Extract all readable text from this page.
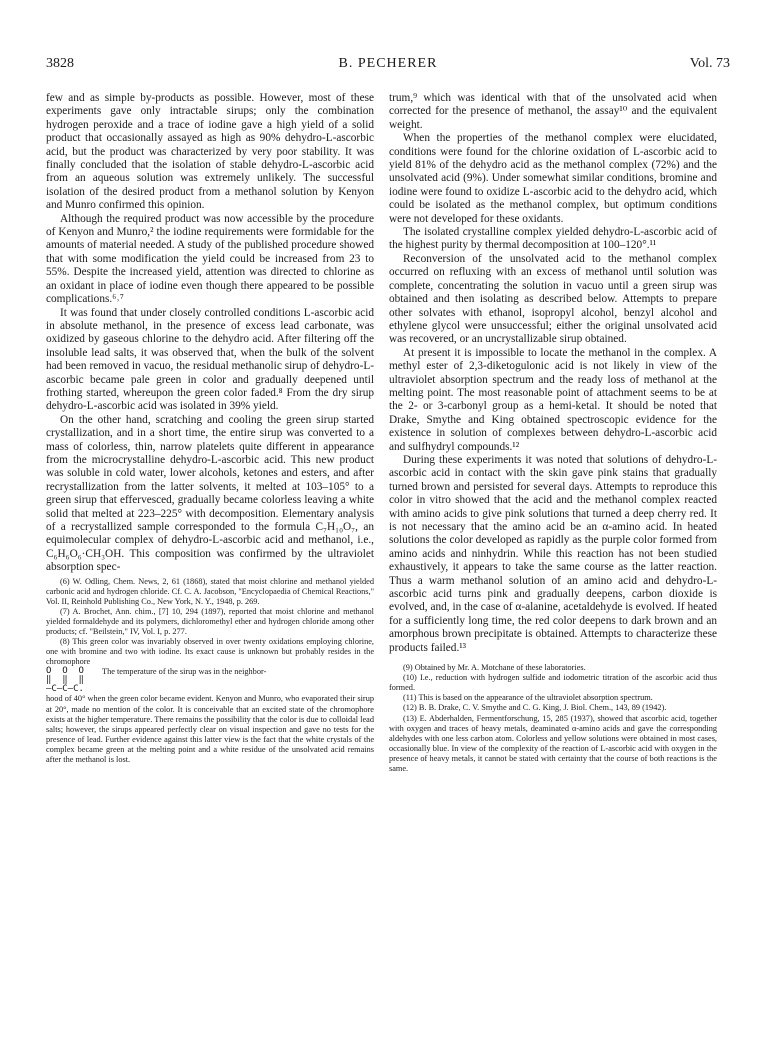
3828	B. PECHERER	Vol. 73

few and as simple by-products as possible. However, most of these experiments gave only intractable sirups; only the combination hydrogen peroxide and a trace of iodine gave a high yield of a solid product that occasionally assayed as high as 90% dehydro-L-ascorbic acid, but the product was characterized by very poor stability. It was finally concluded that the isolation of stable dehydro-L-ascorbic acid from an aqueous solution was extremely unlikely. The successful isolation of the desired product from a methanol solution by Kenyon and Munro confirmed this opinion.

Although the required product was now accessible by the procedure of Kenyon and Munro,² the iodine requirements were formidable for the amounts of material needed. A study of the published procedure showed that with some modification the yield could be increased from 23 to 55%. Despite the increased yield, attention was directed to chlorine as an oxidant in place of iodine even though there appeared to be possible complications.⁶˒⁷

It was found that under closely controlled conditions L-ascorbic acid in absolute methanol, in the presence of excess lead carbonate, was oxidized by gaseous chlorine to the dehydro acid. After filtering off the insoluble lead salts, it was observed that, when the bulk of the solvent had been removed in vacuo, the residual methanolic sirup of dehydro-L-ascorbic became pale green in color and gradually deepened until frothing started, whereupon the green color faded.⁸ From the dry sirup dehydro-L-ascorbic acid was isolated in 39% yield.

On the other hand, scratching and cooling the green sirup started crystallization, and in a short time, the entire sirup was converted to a mass of colorless, thin, narrow platelets quite different in appearance from the microcrystalline dehydro-L-ascorbic acid. This new product was soluble in cold water, lower alcohols, ketones and esters, and after recrystallization from the latter solvents, it melted at 103–105° to a green sirup that effervesced, gradually became colorless leaving a white solid that melted at 223–225° with decomposition. Elementary analysis of a recrystallized sample corresponded to the formula C₇H₁₀O₇, an equimolecular complex of dehydro-L-ascorbic acid and methanol, i.e., C₆H₆O₆·CH₃OH. This composition was confirmed by the ultraviolet absorption spec-

(6) W. Odling, Chem. News, 2, 61 (1868), stated that moist chlorine and methanol yielded carbonic acid and hydrogen chloride. Cf. C. A. Jacobson, "Encyclopaedia of Chemical Reactions," Vol. II, Reinhold Publishing Co., New York, N. Y., 1948, p. 269.

(7) A. Brochet, Ann. chim., [7] 10, 294 (1897), reported that moist chlorine and methanol yielded formaldehyde and its polymers, dichloromethyl ether and hydrogen chloride among other products; cf. "Beilstein," IV, Vol. I, p. 277.

(8) This green color was invariably observed in over twenty oxidations employing chlorine, one with bromine and two with iodine. Its exact cause is unknown but probably resides in the chromophore

O  O  O
‖  ‖  ‖
—C—C—C.

The temperature of the sirup was in the neighbor-

hood of 40° when the green color became evident. Kenyon and Munro, who evaporated their sirup at 20°, made no mention of the color. It is conceivable that an excited state of the chromophore exists at the higher temperature. There remains the possibility that the color is due to colloidal lead salts; however, the sirups appeared perfectly clear on visual inspection and gave no tests for the presence of lead. Further evidence against this latter view is the fact that the white crystals of the complex became green at the melting point and a white residue of the unsolvated acid remains after the methanol is lost.

trum,⁹ which was identical with that of the unsolvated acid when corrected for the presence of methanol, the assay¹⁰ and the equivalent weight.

When the properties of the methanol complex were elucidated, conditions were found for the chlorine oxidation of L-ascorbic acid to yield 81% of the dehydro acid as the methanol complex (72%) and the unsolvated acid (9%). Under somewhat similar conditions, bromine and iodine were found to oxidize L-ascorbic acid to the dehydro acid, which could be isolated as the methanol complex, but optimum conditions were not developed for these oxidants.

The isolated crystalline complex yielded dehydro-L-ascorbic acid of the highest purity by thermal decomposition at 100–120°.¹¹

Reconversion of the unsolvated acid to the methanol complex occurred on refluxing with an excess of methanol until solution was complete, concentrating the solution in vacuo until a green sirup was obtained and then isolating as described below. Attempts to prepare other solvates with ethanol, isopropyl alcohol, benzyl alcohol and ethylene glycol were unsuccessful; either the original unsolvated acid was recovered, or an uncrystallizable sirup obtained.

At present it is impossible to locate the methanol in the complex. A methyl ester of 2,3-diketogulonic acid is not likely in view of the ultraviolet absorption spectrum and the ready loss of methanol at the melting point. The most reasonable point of attachment seems to be at the 2- or 3-carbonyl group as a hemi-ketal. It should be noted that Drake, Smythe and King obtained spectroscopic evidence for the existence in solution of complexes between dehydro-L-ascorbic acid and sulfhydryl compounds.¹²

During these experiments it was noted that solutions of dehydro-L-ascorbic acid in contact with the skin gave pink stains that gradually turned brown and persisted for several days. Attempts to reproduce this color in vitro showed that the acid and the methanol complex reacted with amino acids to give pink solutions that turned a deep cherry red. It is not necessary that the amino acid be an α-amino acid. In heated solutions the color developed as rapidly as the purple color formed from amino acids and ninhydrin. While this reaction has not been studied exhaustively, it appears to take the same course as the latter reaction. Thus a warm methanol solution of an amino acid and dehydro-L-ascorbic acid turns pink and gradually deepens, carbon dioxide is evolved, and, in the case of α-alanine, acetaldehyde is evolved. If heated for a sufficiently long time, the red color deepens to dark brown and an amorphous brown precipitate is obtained. Attempts to characterize these products failed.¹³

(9) Obtained by Mr. A. Motchane of these laboratories.

(10) I.e., reduction with hydrogen sulfide and iodometric titration of the ascorbic acid thus formed.

(11) This is based on the appearance of the ultraviolet absorption spectrum.

(12) B. B. Drake, C. V. Smythe and C. G. King, J. Biol. Chem., 143, 89 (1942).

(13) E. Abderhalden, Fermentforschung, 15, 285 (1937), showed that ascorbic acid, together with oxygen and traces of heavy metals, deaminated α-amino acids and gave the corresponding aldehydes with one less carbon atom. Colorless and yellow solutions were obtained in most cases, occasionally blue. In view of the complexity of the reaction of L-ascorbic acid with oxygen in the presence of heavy metals, it cannot be stated with certainty that the course of both reactions is the same.
